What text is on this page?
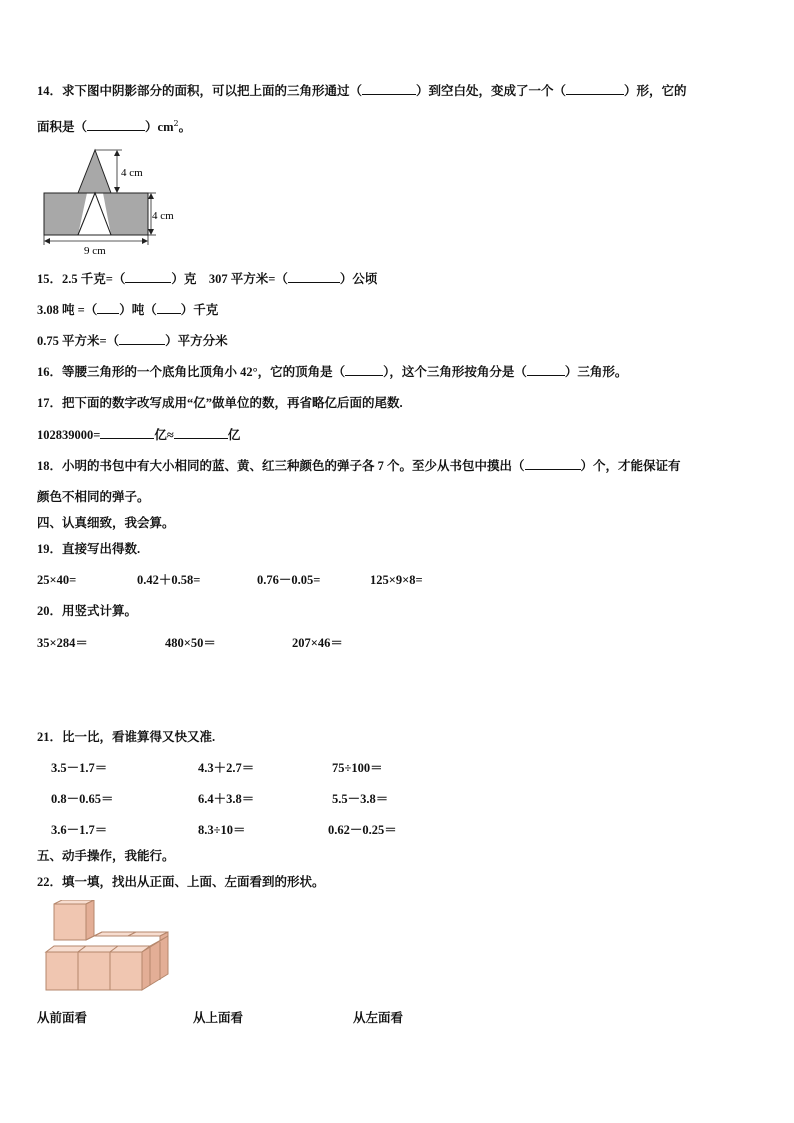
14．求下图中阴影部分的面积，可以把上面的三角形通过（	）到空白处，变成了一个（	）形，它的
面积是（	）$cm^2$。
4 cm
4 cm
9 cm
15．2.5 千克=（	）克　307 平方米=（	）公顷
3.08 吨 =（ ）吨（ ）千克
0.75 平方米=（	）平方分米
16．等腰三角形的一个底角比顶角小 42°，它的顶角是（	），这个三角形按角分是（	）三角形。
17．把下面的数字改写成用“亿”做单位的数，再省略亿后面的尾数.
102839000=	亿≈	亿
18．小明的书包中有大小相同的蓝、黄、红三种颜色的弹子各 7 个。至少从书包中摸出（	）个，才能保证有
颜色不相同的弹子。
四、认真细致，我会算。
19．直接写出得数.
25×40=	0.42＋0.58=	0.76－0.05=	125×9×8=
20．用竖式计算。
35×284＝	480×50＝	207×46＝
21．比一比，看谁算得又快又准.
3.5－1.7＝	4.3＋2.7＝	75÷100＝
0.8－0.65＝	6.4＋3.8＝	5.5－3.8＝
3.6－1.7＝	8.3÷10＝	0.62－0.25＝
五、动手操作，我能行。
22．填一填，找出从正面、上面、左面看到的形状。
从前面看	从上面看	从左面看
